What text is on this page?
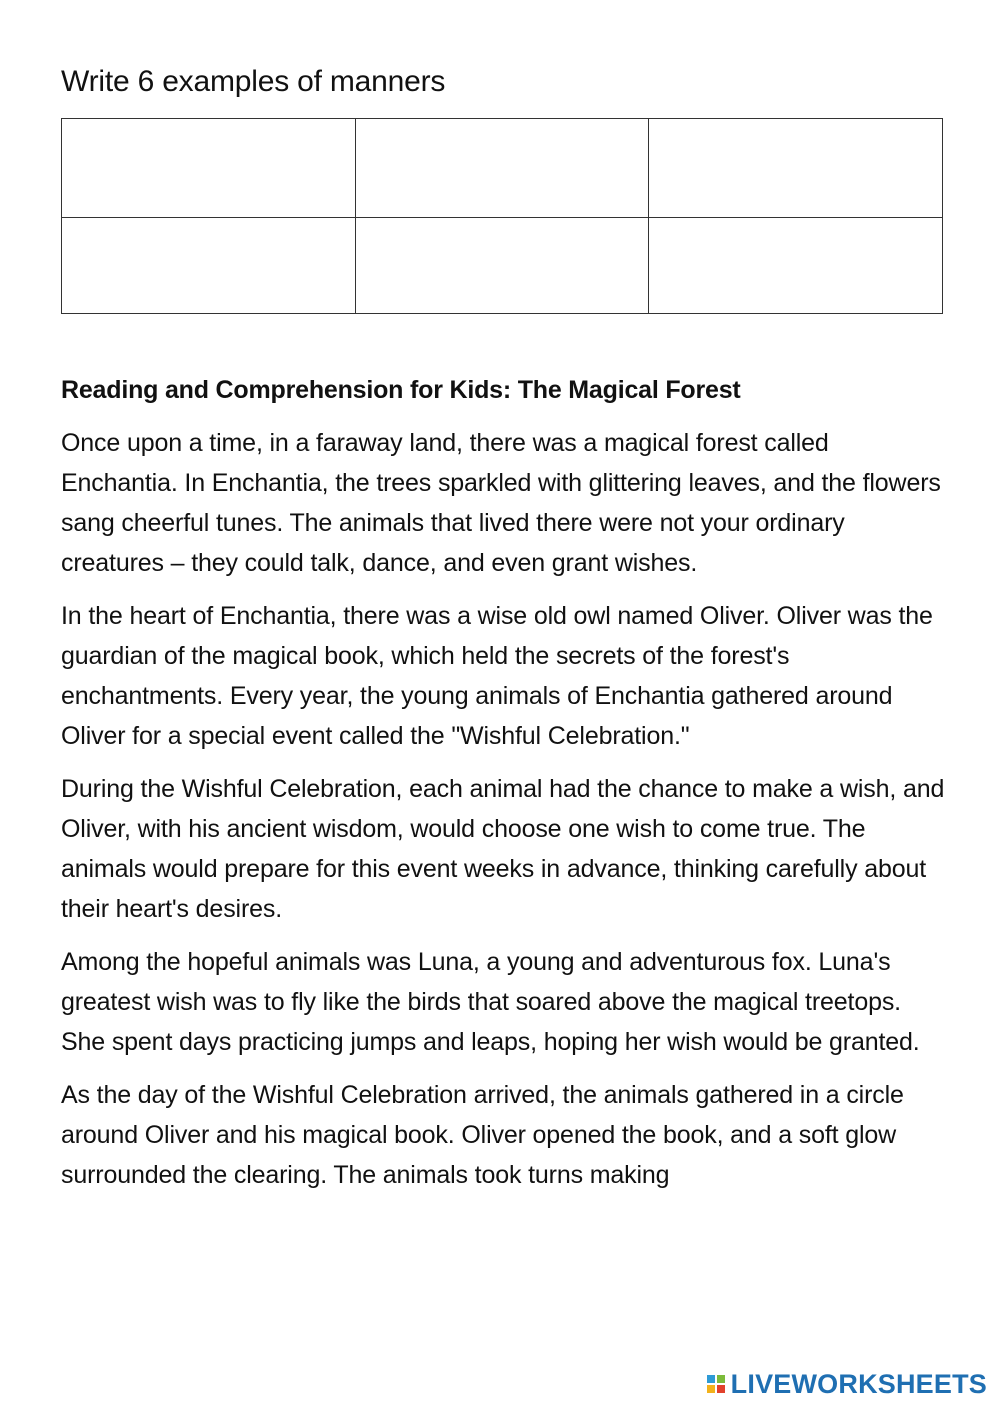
Write 6 examples of manners

Reading and Comprehension for Kids: The Magical Forest

Once upon a time, in a faraway land, there was a magical forest called Enchantia. In Enchantia, the trees sparkled with glittering leaves, and the flowers sang cheerful tunes. The animals that lived there were not your ordinary creatures – they could talk, dance, and even grant wishes.

In the heart of Enchantia, there was a wise old owl named Oliver. Oliver was the guardian of the magical book, which held the secrets of the forest's enchantments. Every year, the young animals of Enchantia gathered around Oliver for a special event called the "Wishful Celebration."

During the Wishful Celebration, each animal had the chance to make a wish, and Oliver, with his ancient wisdom, would choose one wish to come true. The animals would prepare for this event weeks in advance, thinking carefully about their heart's desires.

Among the hopeful animals was Luna, a young and adventurous fox. Luna's greatest wish was to fly like the birds that soared above the magical treetops. She spent days practicing jumps and leaps, hoping her wish would be granted.

As the day of the Wishful Celebration arrived, the animals gathered in a circle around Oliver and his magical book. Oliver opened the book, and a soft glow surrounded the clearing. The animals took turns making

LIVEWORKSHEETS
